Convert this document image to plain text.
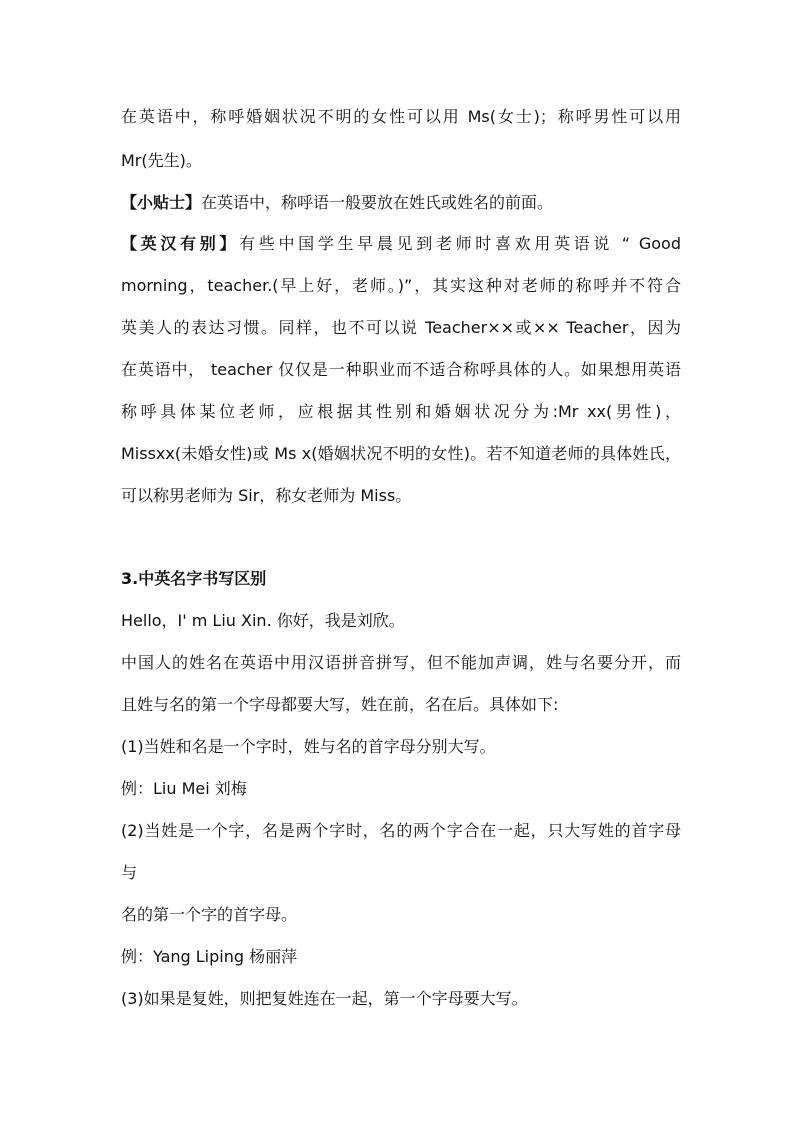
在英语中，称呼婚姻状况不明的女性可以用 Ms(女士)；称呼男性可以用
Mr(先生)。
【小贴士】在英语中，称呼语一般要放在姓氏或姓名的前面。
【英汉有别】有些中国学生早晨见到老师时喜欢用英语说 “ Good
morning，teacher.(早上好，老师。)”，其实这种对老师的称呼并不符合
英美人的表达习惯。同样，也不可以说 Teacher××或×× Teacher，因为
在英语中， teacher 仅仅是一种职业而不适合称呼具体的人。如果想用英语
称呼具体某位老师，应根据其性别和婚姻状况分为:Mr xx(男性)，
Missxx(未婚女性)或 Ms x(婚姻状况不明的女性)。若不知道老师的具体姓氏，
可以称男老师为 Sir，称女老师为 Miss。
3.中英名字书写区别
Hello，I' m Liu Xin. 你好，我是刘欣。
中国人的姓名在英语中用汉语拼音拼写，但不能加声调，姓与名要分开，而
且姓与名的第一个字母都要大写，姓在前，名在后。具体如下:
(1)当姓和名是一个字时，姓与名的首字母分别大写。
例：Liu Mei 刘梅
(2)当姓是一个字，名是两个字时，名的两个字合在一起，只大写姓的首字母
与
名的第一个字的首字母。
例：Yang Liping 杨丽萍
(3)如果是复姓，则把复姓连在一起，第一个字母要大写。
